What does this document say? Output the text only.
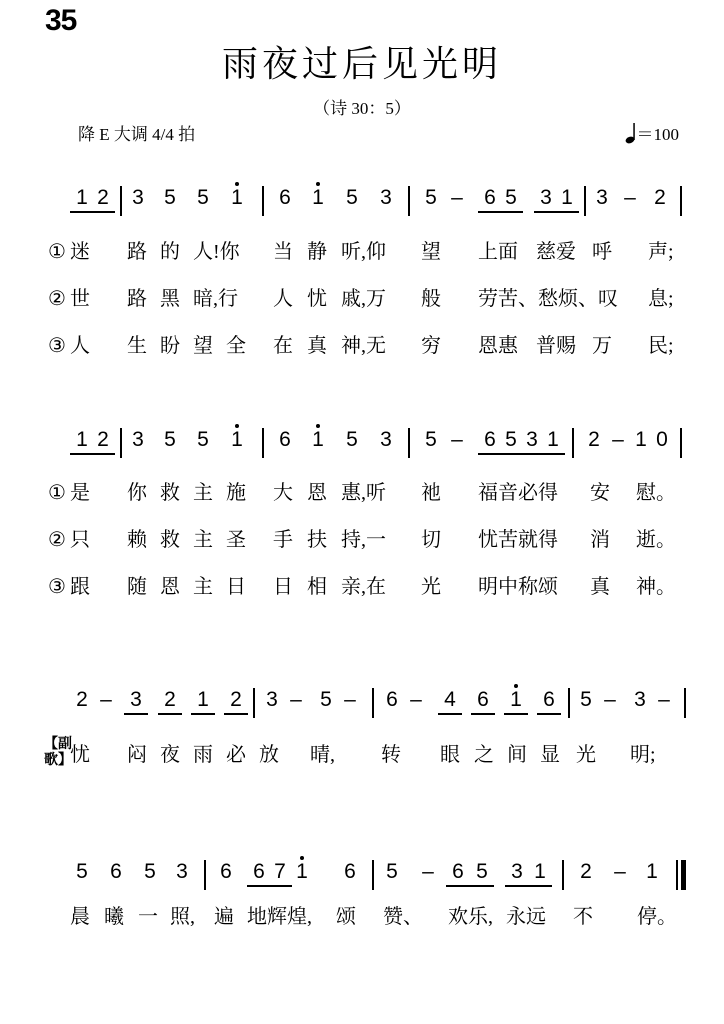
35
雨夜过后见光明
（诗 30：5）
降 E 大调 4/4 拍	＝100
1 2 3 5 5 1 6 1 5 3 5 – 6 5 3 1 3 – 2
① 迷 路 的 人!你 当 静 听,仰 望 上面 慈爱 呼 声;
② 世 路 黑 暗,行 人 忧 戚,万 般 劳苦、愁烦、叹 息;
③ 人 生 盼 望 全 在 真 神,无 穷 恩惠 普赐 万 民;
1 2 3 5 5 1 6 1 5 3 5 – 6 5 3 1 2 – 1 0
① 是 你 救 主 施 大 恩 惠,听 祂 福音必得 安 慰。
② 只 赖 救 主 圣 手 扶 持,一 切 忧苦就得 消 逝。
③ 跟 随 恩 主 日 日 相 亲,在 光 明中称颂 真 神。
2 – 3 2 1 2 3 – 5 – 6 – 4 6 1 6 5 – 3 –
【副歌】
忧 闷 夜 雨 必 放 晴, 转 眼 之 间 显 光 明;
5 6 5 3 6 6 7 1 6 5 – 6 5 3 1 2 – 1
晨 曦 一 照, 遍 地辉煌, 颂 赞、 欢乐, 永远 不 停。
